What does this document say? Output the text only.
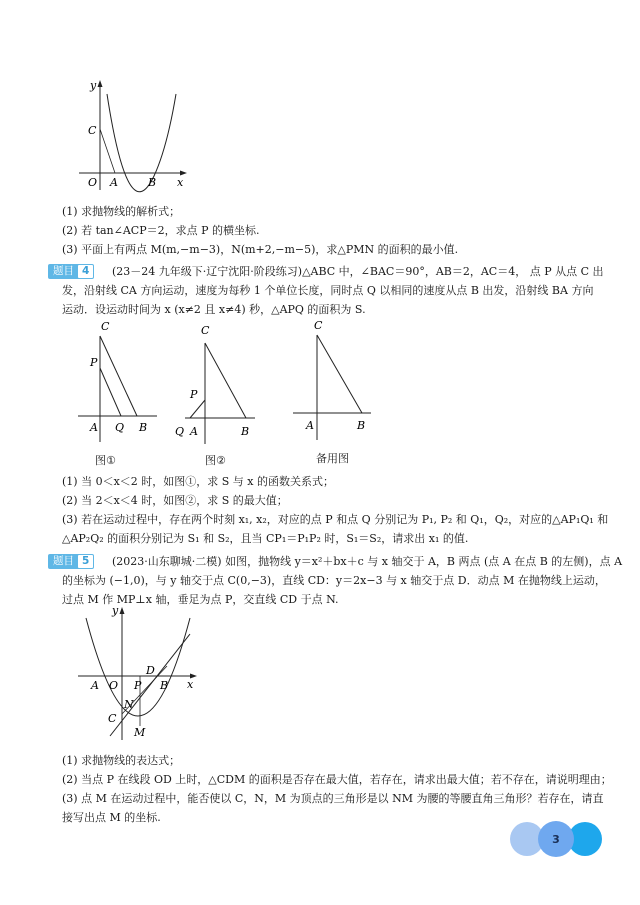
y
x
C
O A	B
(1) 求抛物线的解析式；
(2) 若 tan∠ACP＝2，求点 P 的横坐标.
(3) 平面上有两点 M(m,−m−3)，N(m+2,−m−5)，求△PMN 的面积的最小值.
题目 4	(23－24 九年级下·辽宁沈阳·阶段练习)△ABC 中，∠BAC＝90°，AB＝2，AC＝4， 点 P 从点 C 出
发，沿射线 CA 方向运动，速度为每秒 1 个单位长度，同时点 Q 以相同的速度从点 B 出发，沿射线 BA 方向
运动．设运动时间为 x (x≠2 且 x≠4) 秒，△APQ 的面积为 S.
C
P
A Q B
图①
C
P
Q A	B
图②
C
A	B
备用图
(1) 当 0＜x＜2 时，如图①，求 S 与 x 的函数关系式；
(2) 当 2＜x＜4 时，如图②，求 S 的最大值；
(3) 若在运动过程中，存在两个时刻 x₁, x₂，对应的点 P 和点 Q 分别记为 P₁, P₂ 和 Q₁，Q₂，对应的△AP₁Q₁ 和
△AP₂Q₂ 的面积分别记为 S₁ 和 S₂，且当 CP₁＝P₁P₂ 时，S₁＝S₂，请求出 x₁ 的值.
题目 5	(2023·山东聊城·二模) 如图，抛物线 y＝x²＋bx＋c 与 x 轴交于 A，B 两点 (点 A 在点 B 的左侧)，点 A
的坐标为 (−1,0)，与 y 轴交于点 C(0,−3)，直线 CD：y＝2x−3 与 x 轴交于点 D．动点 M 在抛物线上运动，
过点 M 作 MP⊥x 轴，垂足为点 P，交直线 CD 于点 N.
y
x
A O P B
D
N
C
M
(1) 求抛物线的表达式；
(2) 当点 P 在线段 OD 上时，△CDM 的面积是否存在最大值，若存在，请求出最大值；若不存在，请说明理由；
(3) 点 M 在运动过程中，能否使以 C，N，M 为顶点的三角形是以 NM 为腰的等腰直角三角形？若存在，请直
接写出点 M 的坐标.
3
